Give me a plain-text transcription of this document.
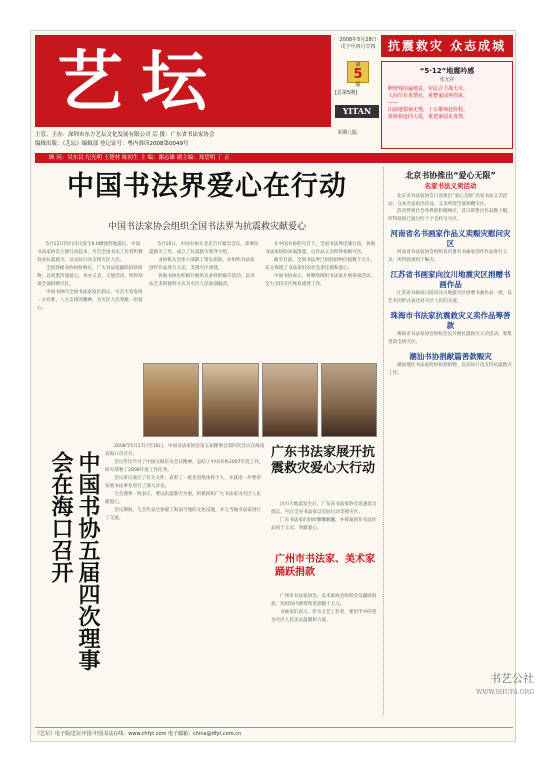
艺坛
2008年5月28日
戊子年四月廿四
第
5
版
[总第5期]
YITAN
本期八版
抗震救灾 众志成城
“5·12”地震吟感
张允祥
断壁残垣遍地哀，军民合力战天灾。
人间尽有真情在，重整家园再创来。
——
山崩地裂祸无情，十万雄师赴险程。
血脉相连同大爱，重建家园见真情。
主管、主办：深圳市东方艺坛文化发展有限公司 后 援：广东省书法家协会
编辑出版：《艺坛》编辑部 登记证号：粤内准印2008第0049号
顾 问：吴东民 纪光明 王楚材 陈初生 主 编：谢志雄 副主编：郑望明 丁 正
中国书法界爱心在行动
中国书法家协会组织全国书法界为抗震救灾献爱心

5月12日四川汶川发生8.0级强烈地震后，中国书法家协会立即行动起来，号召全国书法工作者积极投身抗震救灾，以实际行动支援灾区人民。

全国各级书协纷纷响应，广大书法家踊跃捐款捐物，以笔墨传递爱心，举办义卖、义展活动，所得款项全部捐赠灾区。

中国书协向全国书法家发出倡议，号召大家发扬一方有难、八方支援的精神，为灾区人民奉献一份爱心。

5月16日，中国书协在北京召开紧急会议，部署抗震救灾工作，成立了抗震救灾领导小组。

书协机关全体干部职工带头捐款，并组织书法家创作作品进行义卖，支援灾区重建。

各地书协也积极开展形式多样的赈灾活动，以书法艺术的独特方式为灾区人民加油鼓劲。

在中国书协的号召下，全国书法界迅速行动，各地书法家纷纷挥毫泼墨，以作品义卖所得捐助灾区。

截至目前，全国书法界已捐款捐物价值数千万元，充分体现了书法家们的社会责任感和爱心。

中国书协表示，将继续组织书法家开展各项活动，全力支持灾区恢复重建工作。

中国书协五届四次理事会在海口召开

2008年5月17日至18日，中国书法家协会第五届理事会第四次会议在海南省海口市召开。

会议传达学习了中国文联有关会议精神，总结了中国书协2007年度工作，研究部署了2008年度工作任务。

会议审议通过了有关文件，表彰了一批先进集体和个人，并就进一步繁荣发展书法事业进行了深入讨论。

与会理事一致表示，要以抗震救灾为重，积极组织广大书法家为灾区人民献爱心。

会议期间，与会代表还参观了海南当地的文化设施，并与当地书法家进行了交流。

广东书法家展开抗震救灾爱心大行动

汶川大地震发生后，广东省书法家协会迅速发出倡议，号召全省书法家以实际行动支援灾区。

广东书法家们纷纷慷慨解囊，并挥毫创作书法作品用于义卖，奉献爱心。

广州市书法家、美术家踊跃捐款

广州市书法家协会、美术家协会组织会员踊跃捐款，短时间内即筹集善款数十万元。

书画家们表示，作为文艺工作者，要用手中的笔为灾区人民送去温暖和力量。

北京书协推出“爱心无限”
名家书法义卖活动

北京市书法家协会日前推出“爱心无限”名家书法义卖活动，众多名家捐出作品，义卖所得全部捐赠灾区。

活动得到社会各界的积极响应，首日即售出作品数十幅，所得款项已通过红十字会转交灾区。

河南省名书画家作品义卖赈灾慰问灾区

河南省书法家协会组织省内著名书画家创作作品进行义卖，所得款项用于赈灾。

江苏省书画家向汶川地震灾区捐赠书画作品

江苏省书画家日前向汶川地震灾区捐赠书画作品一批，以艺术的形式表达对灾区人民的关爱。

珠海市书法家抗震救灾义卖作品筹善款

珠海市书法家协会组织会员开展抗震救灾义卖活动，筹集善款支援灾区。

潮汕书协捐献篇善款赈灾

潮汕地区书法家纷纷捐款捐物，以实际行动支持抗震救灾工作。

《艺坛》电子版/艺坛中国·中国书法在线：www.chfyt.com 电子邮箱：china@dfyt.com.cn
书艺公社
WWW.SHUFA.ORG
